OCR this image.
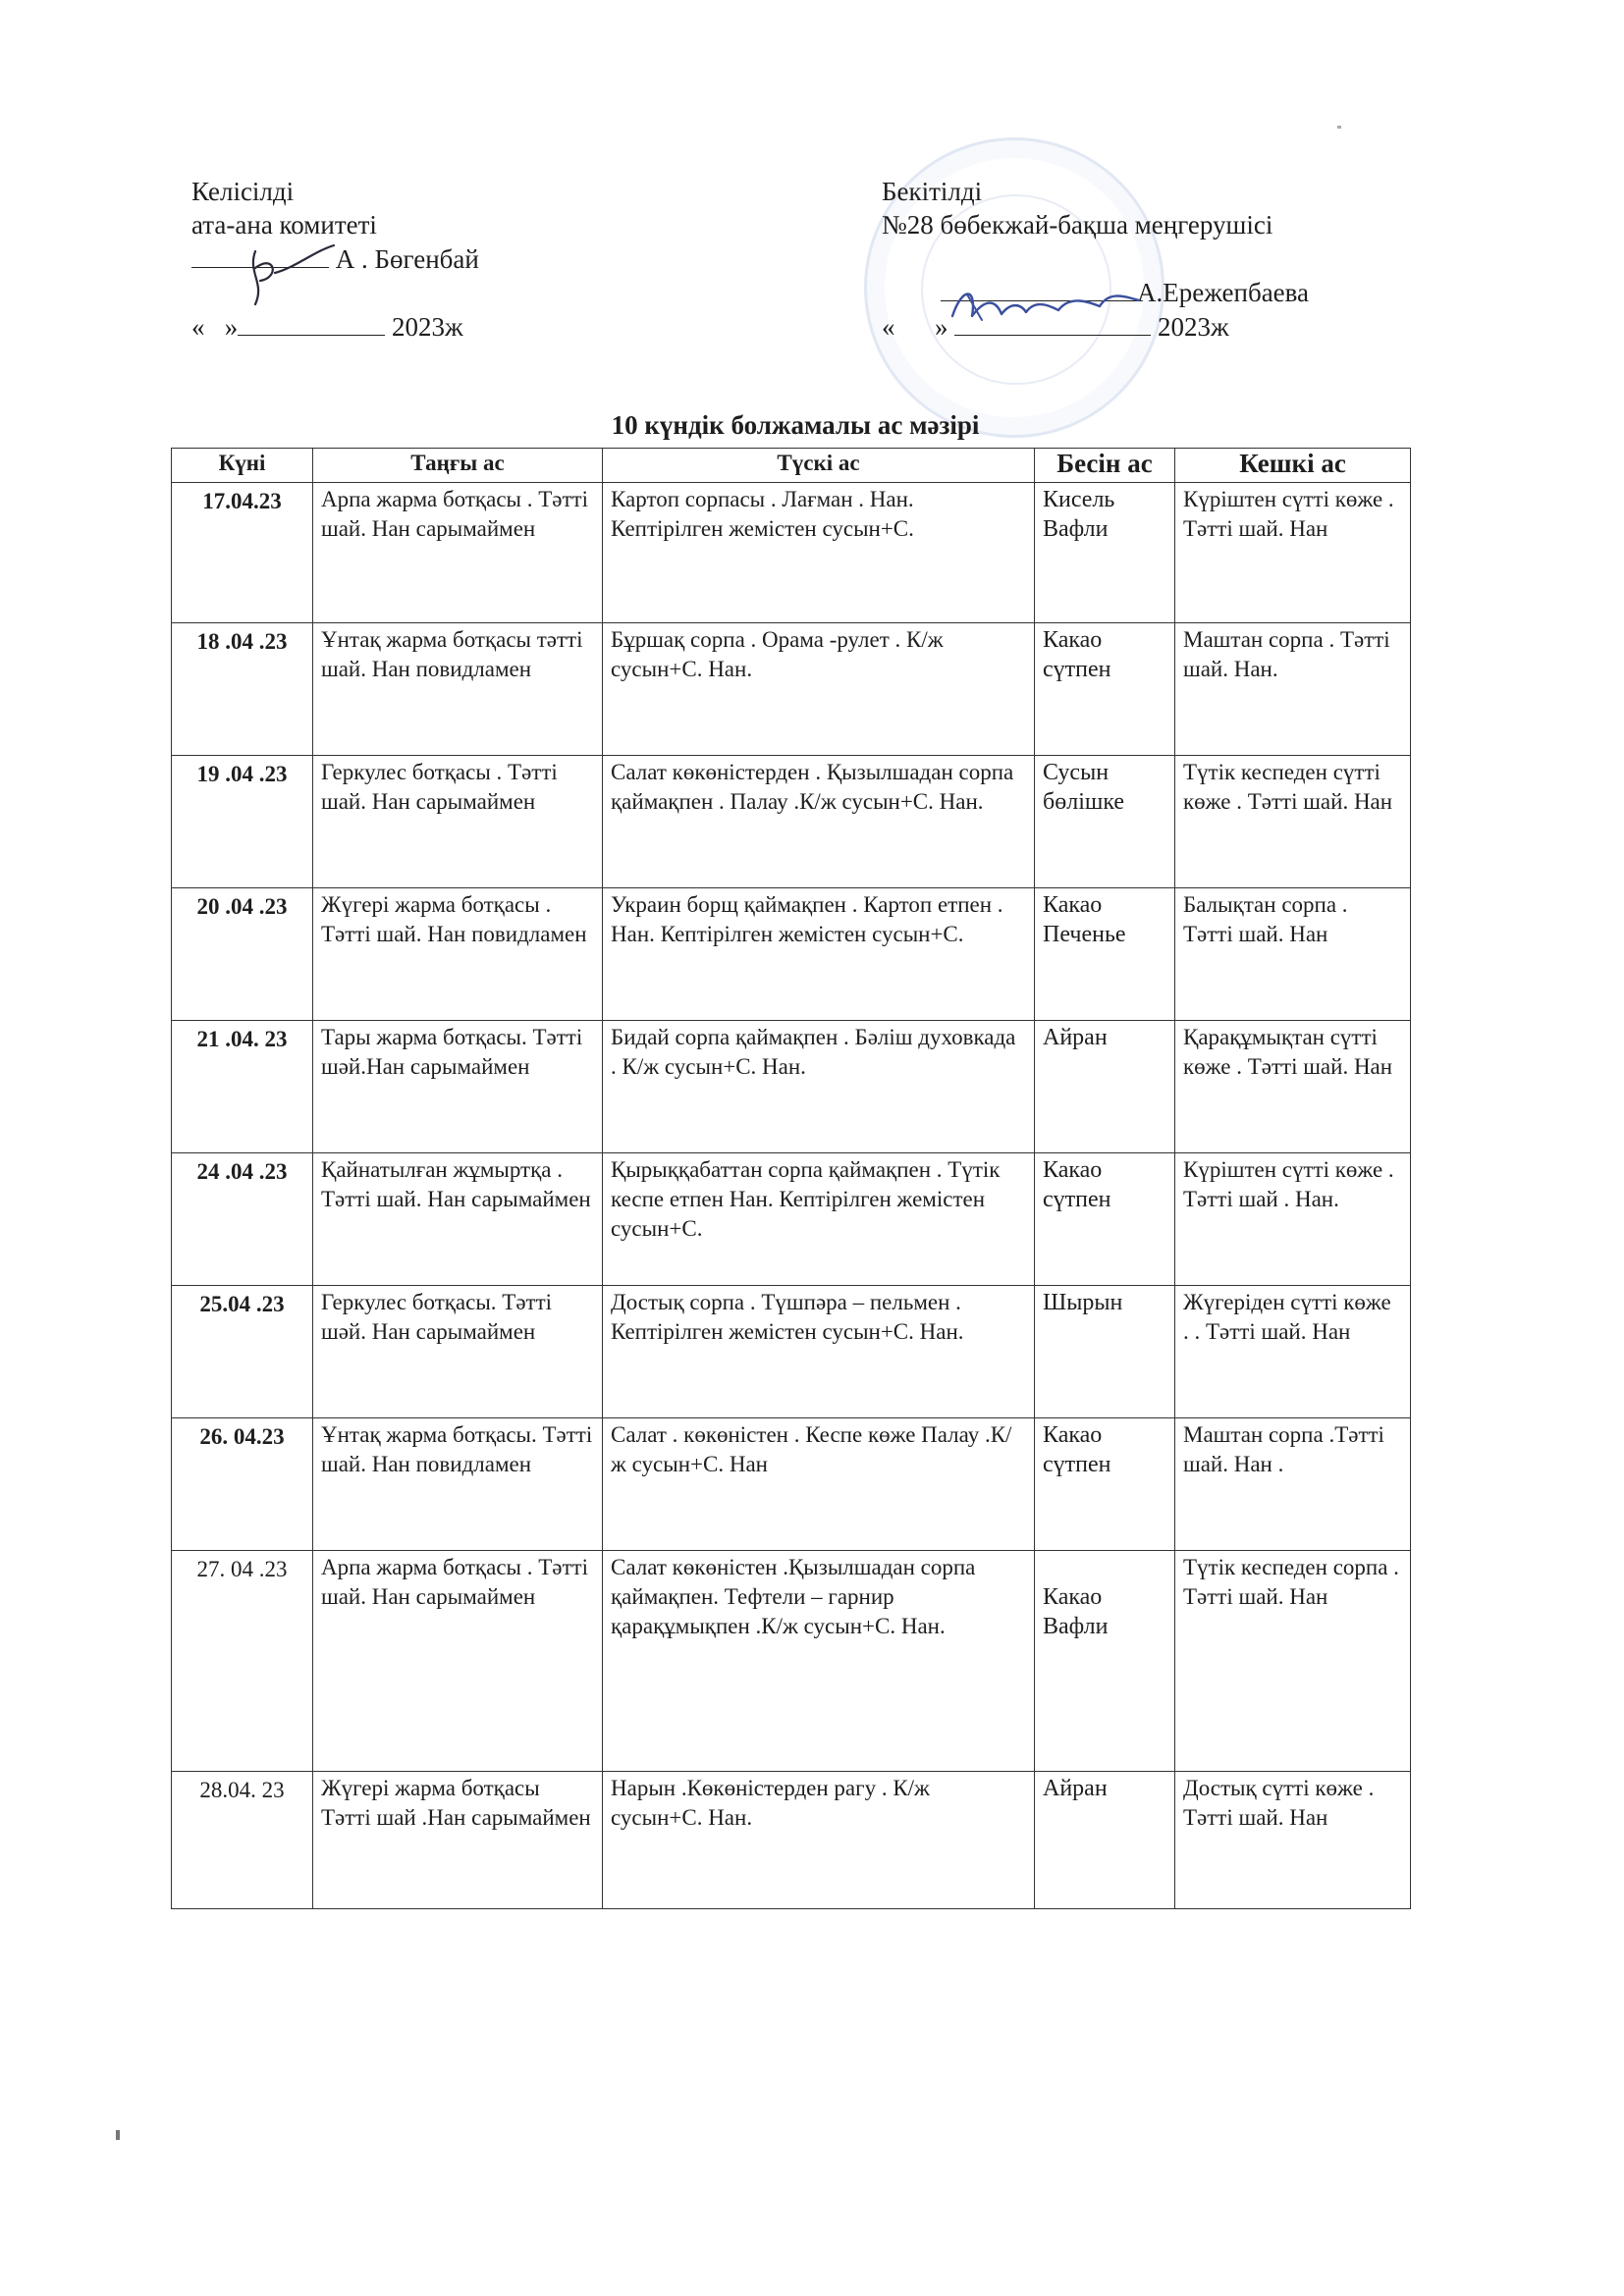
Келісілді
ата-ана комитеті
А . Бөгенбай
« »	2023ж
Бекітілді
№28 бөбекжай-бақша меңгерушісі
А.Ережепбаева
« »	2023ж
10 күндік болжамалы ас мәзірі
Күні	Таңғы ас	Түскі ас	Бесін ас	Кешкі ас
17.04.23	Арпа жарма ботқасы . Тәтті шай. Нан сарымаймен	Картоп сорпасы . Лағман . Нан. Кептірілген жемістен сусын+С.	Кисель Вафли	Күріштен сүтті көже . Тәтті шай. Нан
18 .04 .23	Ұнтақ жарма ботқасы тәтті шай. Нан повидламен	Бұршақ сорпа . Орама -рулет . К/ж сусын+С. Нан.	Какао сүтпен	Маштан сорпа . Тәтті шай. Нан.
19 .04 .23	Геркулес ботқасы . Тәтті шай. Нан сарымаймен	Салат көкөністерден . Қызылшадан сорпа қаймақпен . Палау .К/ж сусын+С. Нан.	Сусын бөлішке	Түтік кеспеден сүтті көже . Тәтті шай. Нан
20 .04 .23	Жүгері жарма ботқасы . Тәтті шай. Нан повидламен	Украин борщ қаймақпен . Картоп етпен . Нан. Кептірілген жемістен сусын+С.	Какао Печенье	Балықтан сорпа . Тәтті шай. Нан
21 .04. 23	Тары жарма ботқасы. Тәтті шәй.Нан сарымаймен	Бидай сорпа қаймақпен . Бәліш духовкада . К/ж сусын+С. Нан.	Айран	Қарақұмықтан сүтті көже . Тәтті шай. Нан
24 .04 .23	Қайнатылған жұмыртқа . Тәтті шай. Нан сарымаймен	Қырыққабаттан сорпа қаймақпен . Түтік кеспе етпен Нан. Кептірілген жемістен сусын+С.	Какао сүтпен	Күріштен сүтті көже . Тәтті шай . Нан.
25.04 .23	Геркулес ботқасы. Тәтті шәй. Нан сарымаймен	Достық сорпа . Түшпәра – пельмен . Кептірілген жемістен сусын+С. Нан.	Шырын	Жүгеріден сүтті көже . . Тәтті шай. Нан
26. 04.23	Ұнтақ жарма ботқасы. Тәтті шай. Нан повидламен	Салат . көкөністен . Кеспе көже Палау .К/ж сусын+С. Нан	Какао сүтпен	Маштан сорпа .Тәтті шай. Нан .
27. 04 .23	Арпа жарма ботқасы . Тәтті шай. Нан сарымаймен	Салат көкөністен .Қызылшадан сорпа қаймақпен. Тефтели – гарнир қарақұмықпен .К/ж сусын+С. Нан.	Какао Вафли	Түтік кеспеден сорпа . Тәтті шай. Нан
28.04. 23	Жүгері жарма ботқасы Тәтті шай .Нан сарымаймен	Нарын .Көкөністерден рагу . К/ж сусын+С. Нан.	Айран	Достық сүтті көже . Тәтті шай. Нан
